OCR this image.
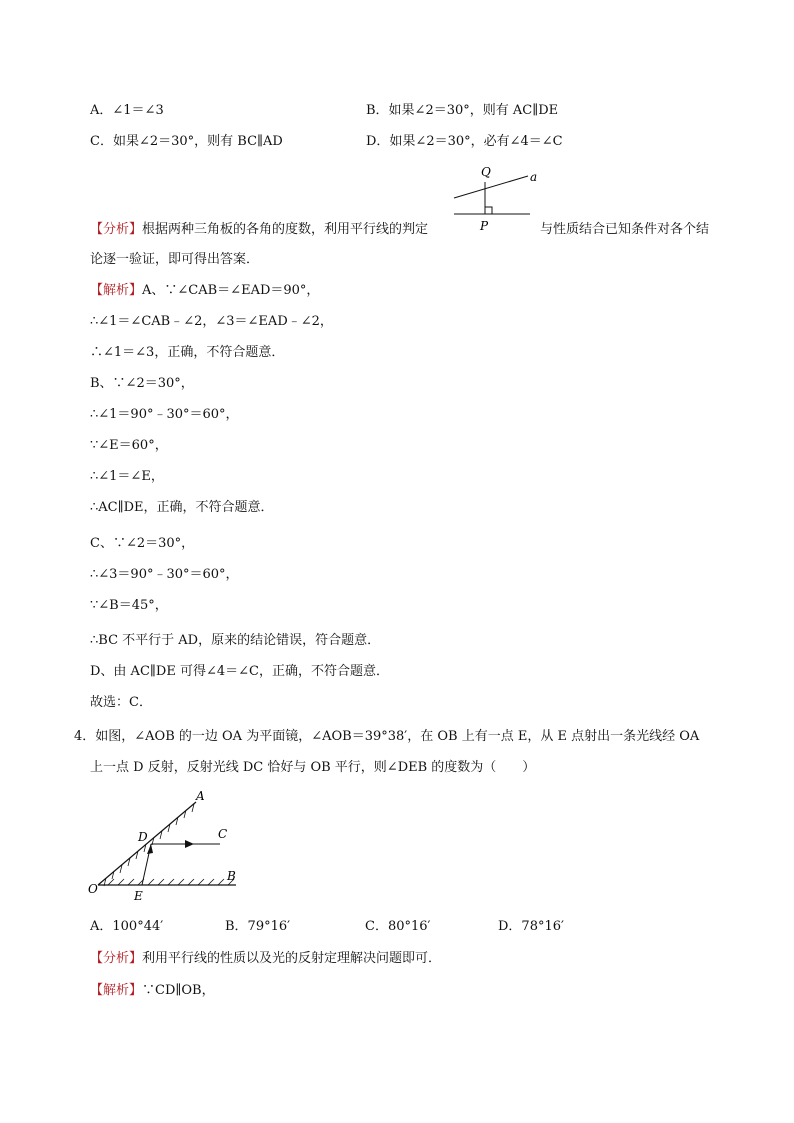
A．∠1＝∠3	B．如果∠2＝30°，则有 AC∥DE
C．如果∠2＝30°，则有 BC∥AD	D．如果∠2＝30°，必有∠4＝∠C
Q	a
P
【分析】根据两种三角板的各角的度数，利用平行线的判定	与性质结合已知条件对各个结
论逐一验证，即可得出答案．
【解析】A、∵∠CAB＝∠EAD＝90°，
∴∠1＝∠CAB﹣∠2，∠3＝∠EAD﹣∠2，
∴∠1＝∠3，正确，不符合题意．
B、∵∠2＝30°，
∴∠1＝90°﹣30°＝60°，
∵∠E＝60°，
∴∠1＝∠E，
∴AC∥DE，正确，不符合题意．
C、∵∠2＝30°，
∴∠3＝90°﹣30°＝60°，
∵∠B＝45°，
∴BC 不平行于 AD，原来的结论错误，符合题意．
D、由 AC∥DE 可得∠4＝∠C，正确，不符合题意．
故选：C．
4．如图，∠AOB 的一边 OA 为平面镜，∠AOB＝39°38′，在 OB 上有一点 E，从 E 点射出一条光线经 OA
上一点 D 反射，反射光线 DC 恰好与 OB 平行，则∠DEB 的度数为（　　）
A
C
D
B
O	E
A．100°44′	B．79°16′	C．80°16′	D．78°16′
【分析】利用平行线的性质以及光的反射定理解决问题即可．
【解析】∵CD∥OB，
